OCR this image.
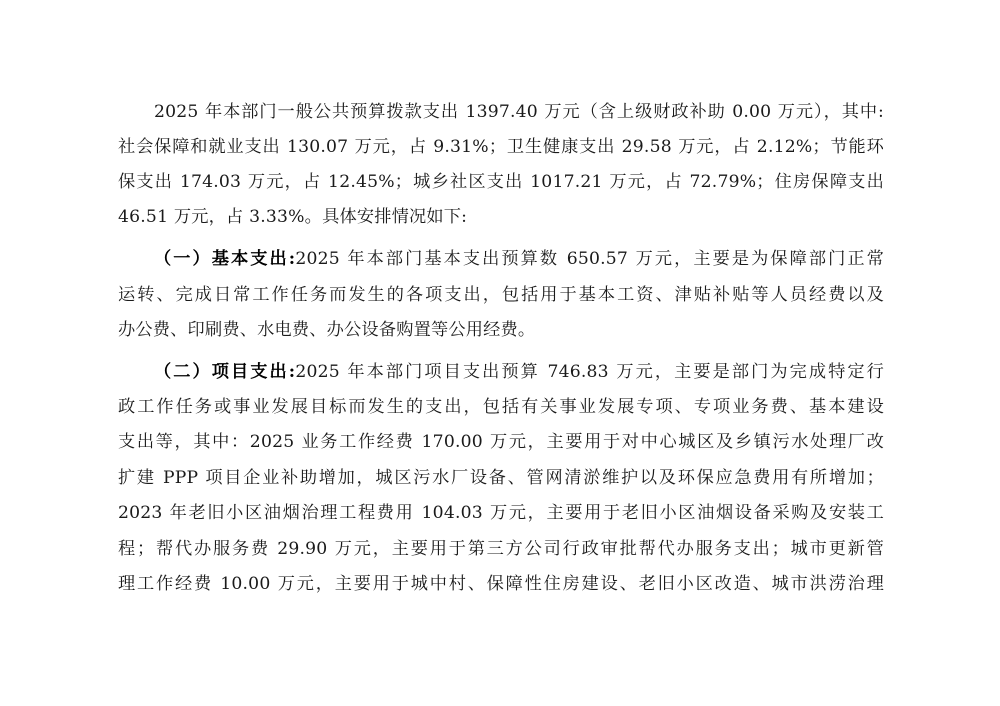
2025 年本部门一般公共预算拨款支出 1397.40 万元（含上级财政补助 0.00 万元），其中:
社会保障和就业支出 130.07 万元，占 9.31%；卫生健康支出 29.58 万元，占 2.12%；节能环
保支出 174.03 万元，占 12.45%；城乡社区支出 1017.21 万元，占 72.79%；住房保障支出
46.51 万元，占 3.33%。具体安排情况如下:
（一）基本支出:2025 年本部门基本支出预算数 650.57 万元，主要是为保障部门正常
运转、完成日常工作任务而发生的各项支出，包括用于基本工资、津贴补贴等人员经费以及
办公费、印刷费、水电费、办公设备购置等公用经费。
（二）项目支出:2025 年本部门项目支出预算 746.83 万元，主要是部门为完成特定行
政工作任务或事业发展目标而发生的支出，包括有关事业发展专项、专项业务费、基本建设
支出等，其中：2025 业务工作经费 170.00 万元，主要用于对中心城区及乡镇污水处理厂改
扩建 PPP 项目企业补助增加，城区污水厂设备、管网清淤维护以及环保应急费用有所增加；
2023 年老旧小区油烟治理工程费用 104.03 万元，主要用于老旧小区油烟设备采购及安装工
程；帮代办服务费 29.90 万元，主要用于第三方公司行政审批帮代办服务支出；城市更新管
理工作经费 10.00 万元，主要用于城中村、保障性住房建设、老旧小区改造、城市洪涝治理
